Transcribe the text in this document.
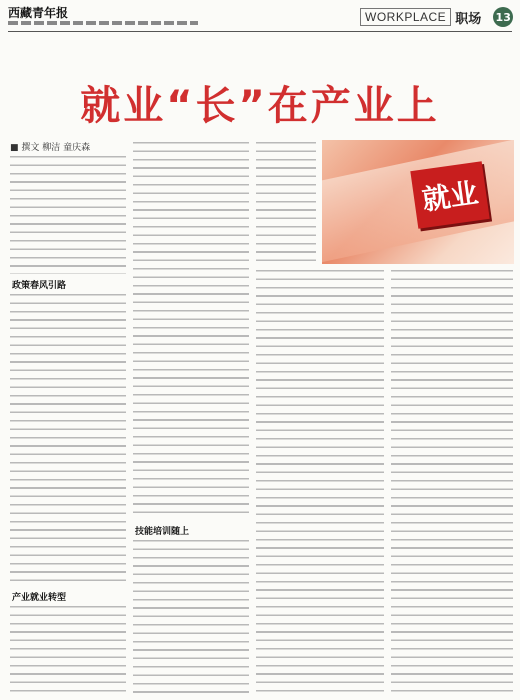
西藏青年报	WORKPLACE 职场 13
就业“长”在产业上
■ 撰文 柳洁 童庆森
就业
政策春风引路
产业就业转型
技能培训随上
